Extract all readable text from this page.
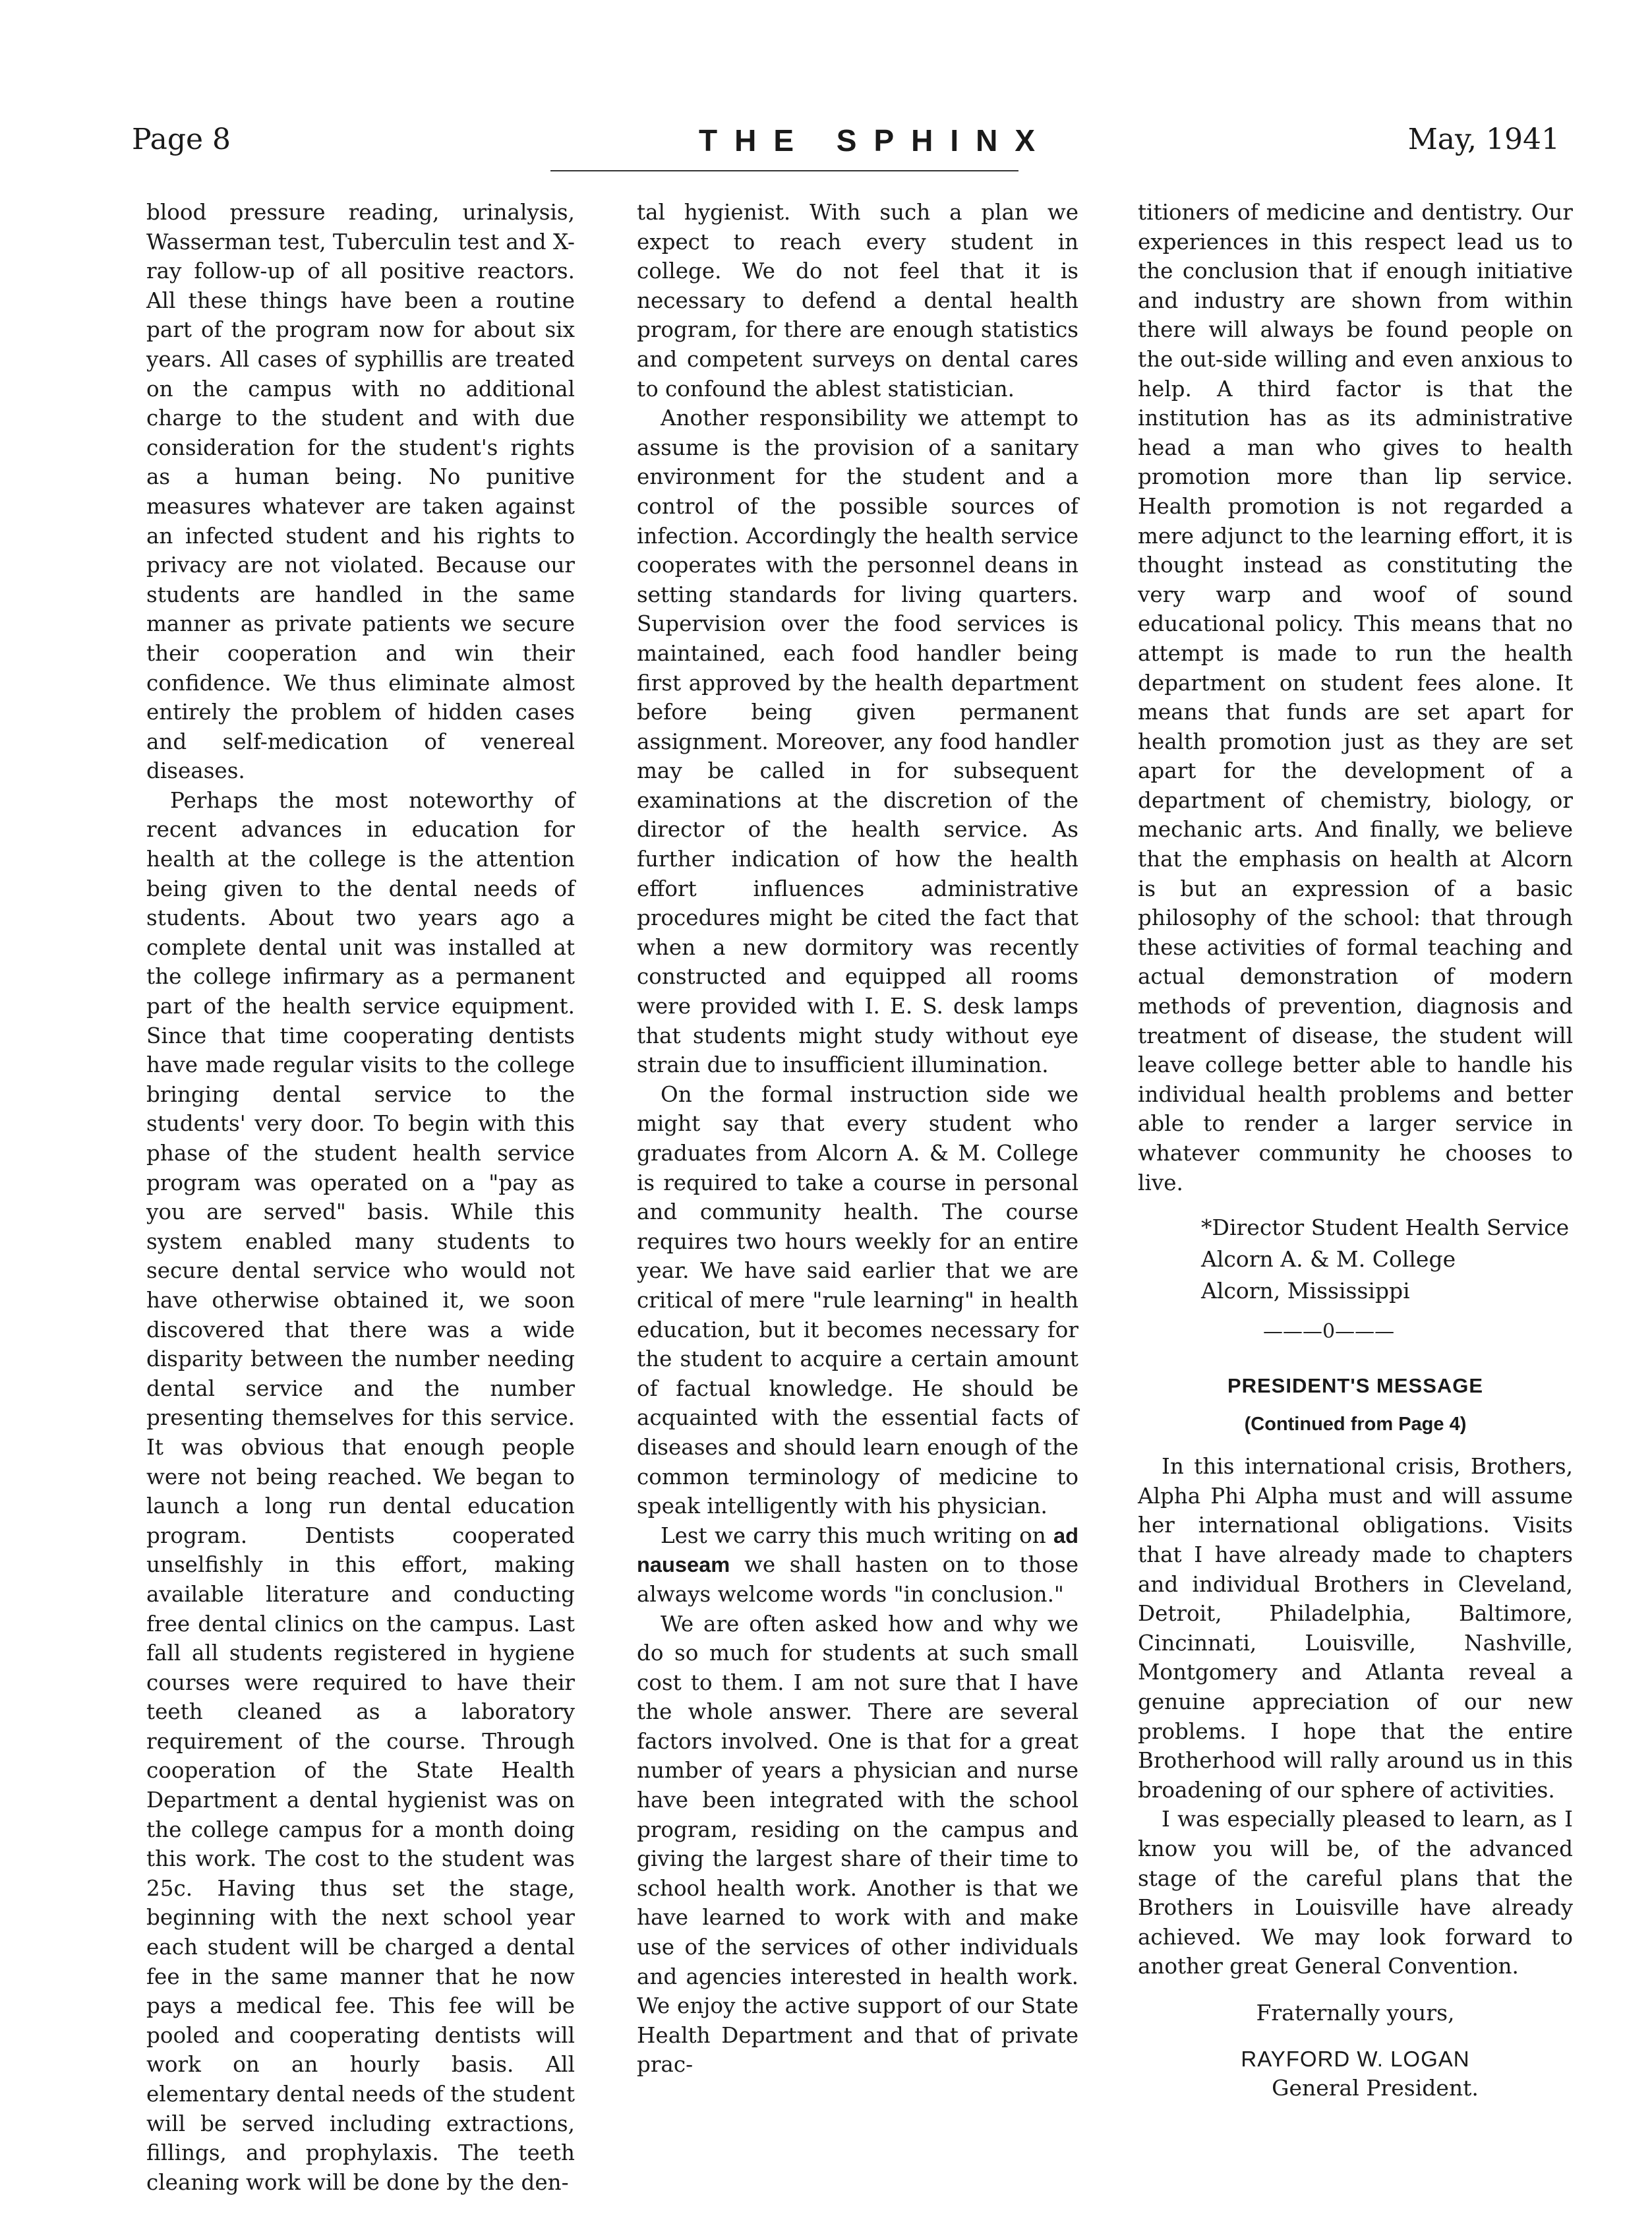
Page 8	THE SPHINX	May, 1941

blood pressure reading, urinalysis, Wasserman test, Tuberculin test and X-ray follow-up of all positive reactors. All these things have been a routine part of the program now for about six years. All cases of syphillis are treated on the campus with no additional charge to the student and with due consideration for the student's rights as a human being. No punitive measures whatever are taken against an infected student and his rights to privacy are not violated. Because our students are handled in the same manner as private patients we secure their cooperation and win their confidence. We thus eliminate almost entirely the problem of hidden cases and self-medication of venereal diseases.

Perhaps the most noteworthy of recent advances in education for health at the college is the attention being given to the dental needs of students. About two years ago a complete dental unit was installed at the college infirmary as a permanent part of the health service equipment. Since that time cooperating dentists have made regular visits to the college bringing dental service to the students' very door. To begin with this phase of the student health service program was operated on a "pay as you are served" basis. While this system enabled many students to secure dental service who would not have otherwise obtained it, we soon discovered that there was a wide disparity between the number needing dental service and the number presenting themselves for this service. It was obvious that enough people were not being reached. We began to launch a long run dental education program. Dentists cooperated unselfishly in this effort, making available literature and conducting free dental clinics on the campus. Last fall all students registered in hygiene courses were required to have their teeth cleaned as a laboratory requirement of the course. Through cooperation of the State Health Department a dental hygienist was on the college campus for a month doing this work. The cost to the student was 25c. Having thus set the stage, beginning with the next school year each student will be charged a dental fee in the same manner that he now pays a medical fee. This fee will be pooled and cooperating dentists will work on an hourly basis. All elementary dental needs of the student will be served including extractions, fillings, and prophylaxis. The teeth cleaning work will be done by the den-

tal hygienist. With such a plan we expect to reach every student in college. We do not feel that it is necessary to defend a dental health program, for there are enough statistics and competent surveys on dental cares to confound the ablest statistician.

Another responsibility we attempt to assume is the provision of a sanitary environment for the student and a control of the possible sources of infection. Accordingly the health service cooperates with the personnel deans in setting standards for living quarters. Supervision over the food services is maintained, each food handler being first approved by the health department before being given permanent assignment. Moreover, any food handler may be called in for subsequent examinations at the discretion of the director of the health service. As further indication of how the health effort influences administrative procedures might be cited the fact that when a new dormitory was recently constructed and equipped all rooms were provided with I. E. S. desk lamps that students might study without eye strain due to insufficient illumination.

On the formal instruction side we might say that every student who graduates from Alcorn A. & M. College is required to take a course in personal and community health. The course requires two hours weekly for an entire year. We have said earlier that we are critical of mere "rule learning" in health education, but it becomes necessary for the student to acquire a certain amount of factual knowledge. He should be acquainted with the essential facts of diseases and should learn enough of the common terminology of medicine to speak intelligently with his physician.

Lest we carry this much writing on ad nauseam we shall hasten on to those always welcome words "in conclusion."

We are often asked how and why we do so much for students at such small cost to them. I am not sure that I have the whole answer. There are several factors involved. One is that for a great number of years a physician and nurse have been integrated with the school program, residing on the campus and giving the largest share of their time to school health work. Another is that we have learned to work with and make use of the services of other individuals and agencies interested in health work. We enjoy the active support of our State Health Department and that of private prac-

titioners of medicine and dentistry. Our experiences in this respect lead us to the conclusion that if enough initiative and industry are shown from within there will always be found people on the out-side willing and even anxious to help. A third factor is that the institution has as its administrative head a man who gives to health promotion more than lip service. Health promotion is not regarded a mere adjunct to the learning effort, it is thought instead as constituting the very warp and woof of sound educational policy. This means that no attempt is made to run the health department on student fees alone. It means that funds are set apart for health promotion just as they are set apart for the development of a department of chemistry, biology, or mechanic arts. And finally, we believe that the emphasis on health at Alcorn is but an expression of a basic philosophy of the school: that through these activities of formal teaching and actual demonstration of modern methods of prevention, diagnosis and treatment of disease, the student will leave college better able to handle his individual health problems and better able to render a larger service in whatever community he chooses to live.

*Director Student Health Service
Alcorn A. & M. College
Alcorn, Mississippi
———0———
PRESIDENT'S MESSAGE
(Continued from Page 4)

In this international crisis, Brothers, Alpha Phi Alpha must and will assume her international obligations. Visits that I have already made to chapters and individual Brothers in Cleveland, Detroit, Philadelphia, Baltimore, Cincinnati, Louisville, Nashville, Montgomery and Atlanta reveal a genuine appreciation of our new problems. I hope that the entire Brotherhood will rally around us in this broadening of our sphere of activities.

I was especially pleased to learn, as I know you will be, of the advanced stage of the careful plans that the Brothers in Louisville have already achieved. We may look forward to another great General Convention.

Fraternally yours,
RAYFORD W. LOGAN
General President.
